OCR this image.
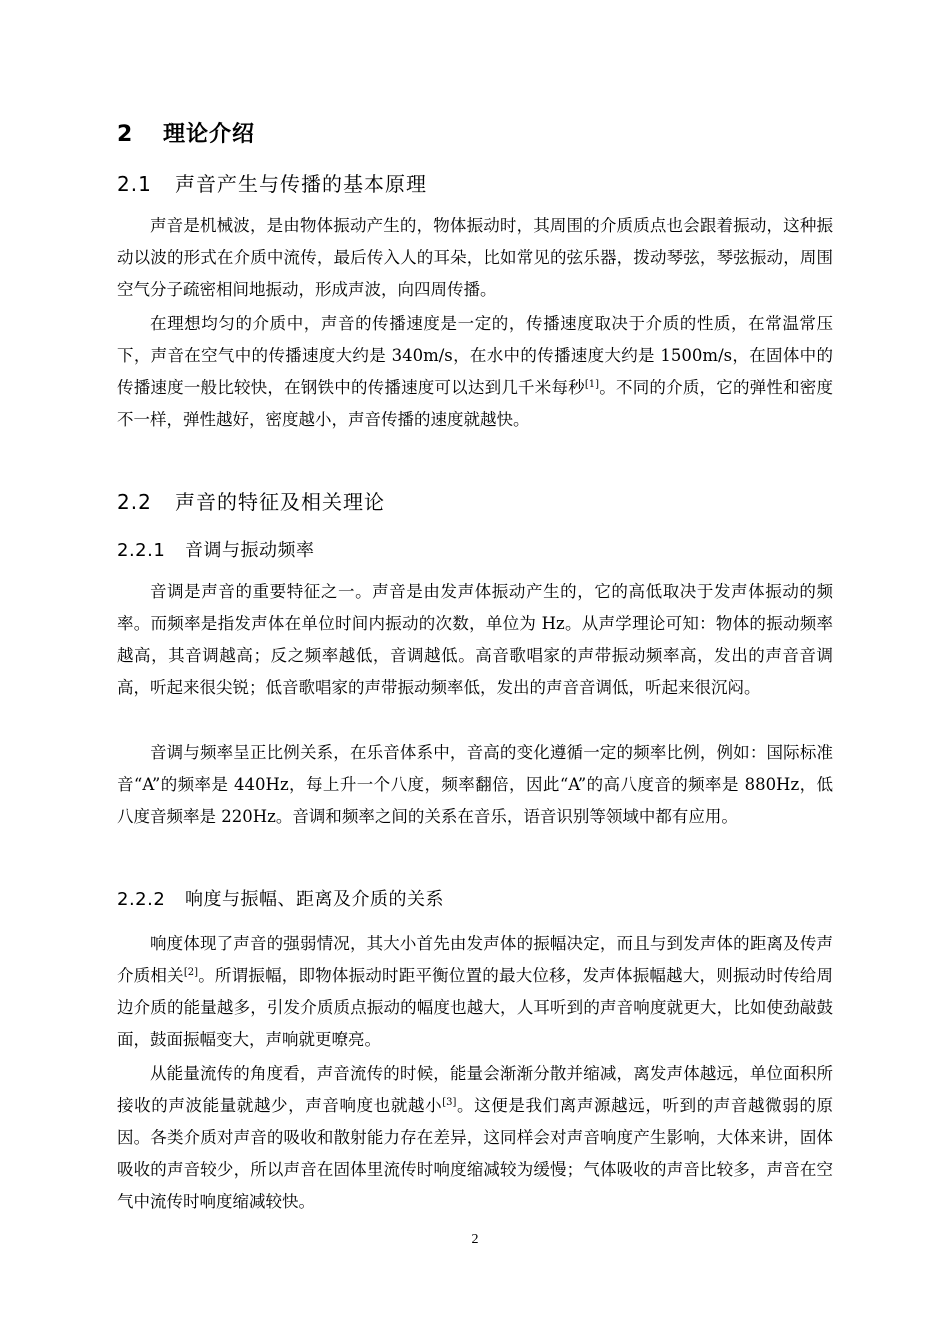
2 理论介绍
2.1 声音产生与传播的基本原理

声音是机械波，是由物体振动产生的，物体振动时，其周围的介质质点也会跟着振动，这种振动以波的形式在介质中流传，最后传入人的耳朵，比如常见的弦乐器，拨动琴弦，琴弦振动，周围空气分子疏密相间地振动，形成声波，向四周传播。

在理想均匀的介质中，声音的传播速度是一定的，传播速度取决于介质的性质，在常温常压下，声音在空气中的传播速度大约是 340m/s，在水中的传播速度大约是 1500m/s，在固体中的传播速度一般比较快，在钢铁中的传播速度可以达到几千米每秒[1]。不同的介质，它的弹性和密度不一样，弹性越好，密度越小，声音传播的速度就越快。

2.2 声音的特征及相关理论
2.2.1 音调与振动频率

音调是声音的重要特征之一。声音是由发声体振动产生的，它的高低取决于发声体振动的频率。而频率是指发声体在单位时间内振动的次数，单位为 Hz。从声学理论可知：物体的振动频率越高，其音调越高；反之频率越低，音调越低。高音歌唱家的声带振动频率高，发出的声音音调高，听起来很尖锐；低音歌唱家的声带振动频率低，发出的声音音调低，听起来很沉闷。

音调与频率呈正比例关系，在乐音体系中，音高的变化遵循一定的频率比例，例如：国际标准音“A”的频率是 440Hz，每上升一个八度，频率翻倍，因此“A”的高八度音的频率是 880Hz，低八度音频率是 220Hz。音调和频率之间的关系在音乐，语音识别等领域中都有应用。

2.2.2 响度与振幅、距离及介质的关系

响度体现了声音的强弱情况，其大小首先由发声体的振幅决定，而且与到发声体的距离及传声介质相关[2]。所谓振幅，即物体振动时距平衡位置的最大位移，发声体振幅越大，则振动时传给周边介质的能量越多，引发介质质点振动的幅度也越大，人耳听到的声音响度就更大，比如使劲敲鼓面，鼓面振幅变大，声响就更嘹亮。

从能量流传的角度看，声音流传的时候，能量会渐渐分散并缩减，离发声体越远，单位面积所接收的声波能量就越少，声音响度也就越小[3]。这便是我们离声源越远，听到的声音越微弱的原因。各类介质对声音的吸收和散射能力存在差异，这同样会对声音响度产生影响，大体来讲，固体吸收的声音较少，所以声音在固体里流传时响度缩减较为缓慢；气体吸收的声音比较多，声音在空气中流传时响度缩减较快。

2
